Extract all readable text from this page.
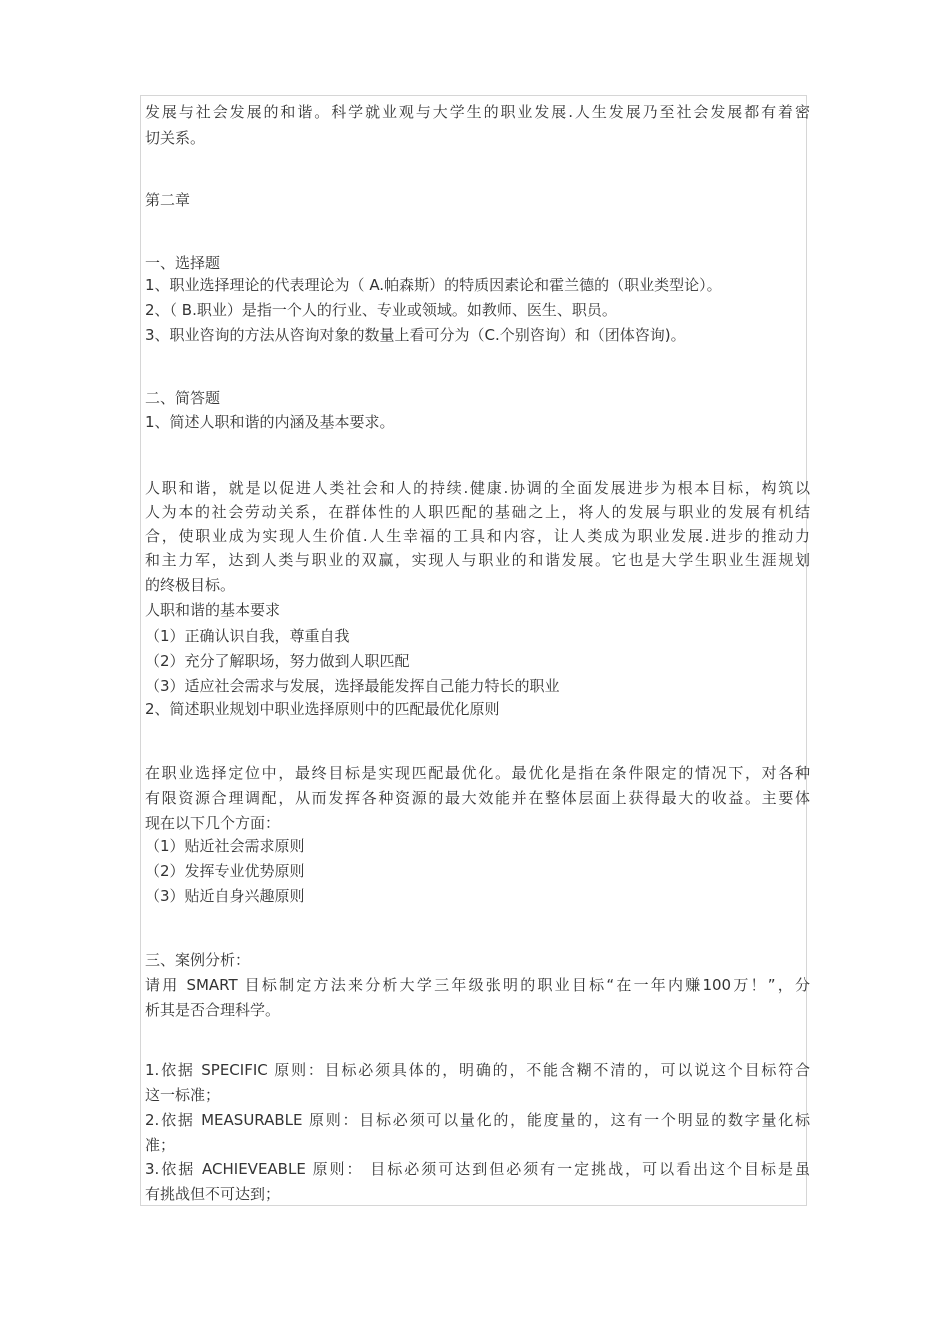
发展与社会发展的和谐。科学就业观与大学生的职业发展.人生发展乃至社会发展都有着密
切关系。
第二章
一、选择题
1、职业选择理论的代表理论为（ A.帕森斯）的特质因素论和霍兰德的（职业类型论）。
2、（ B.职业）是指一个人的行业、专业或领域。如教师、医生、职员。
3、职业咨询的方法从咨询对象的数量上看可分为（C.个别咨询）和（团体咨询)。
二、简答题
1、简述人职和谐的内涵及基本要求。
人职和谐，就是以促进人类社会和人的持续.健康.协调的全面发展进步为根本目标，构筑以
人为本的社会劳动关系，在群体性的人职匹配的基础之上，将人的发展与职业的发展有机结
合，使职业成为实现人生价值.人生幸福的工具和内容，让人类成为职业发展.进步的推动力
和主力军，达到人类与职业的双赢，实现人与职业的和谐发展。它也是大学生职业生涯规划
的终极目标。
人职和谐的基本要求
（1）正确认识自我，尊重自我
（2）充分了解职场，努力做到人职匹配
（3）适应社会需求与发展，选择最能发挥自己能力特长的职业
2、简述职业规划中职业选择原则中的匹配最优化原则
在职业选择定位中，最终目标是实现匹配最优化。最优化是指在条件限定的情况下，对各种
有限资源合理调配，从而发挥各种资源的最大效能并在整体层面上获得最大的收益。主要体
现在以下几个方面：
（1）贴近社会需求原则
（2）发挥专业优势原则
（3）贴近自身兴趣原则
三、案例分析：
请用 SMART 目标制定方法来分析大学三年级张明的职业目标“在一年内赚100万！”，分
析其是否合理科学。
1.依据 SPECIFIC 原则：目标必须具体的，明确的，不能含糊不清的，可以说这个目标符合
这一标准；
2.依据 MEASURABLE 原则：目标必须可以量化的，能度量的，这有一个明显的数字量化标
准；
3.依据 ACHIEVEABLE 原则： 目标必须可达到但必须有一定挑战，可以看出这个目标是虽
有挑战但不可达到；
